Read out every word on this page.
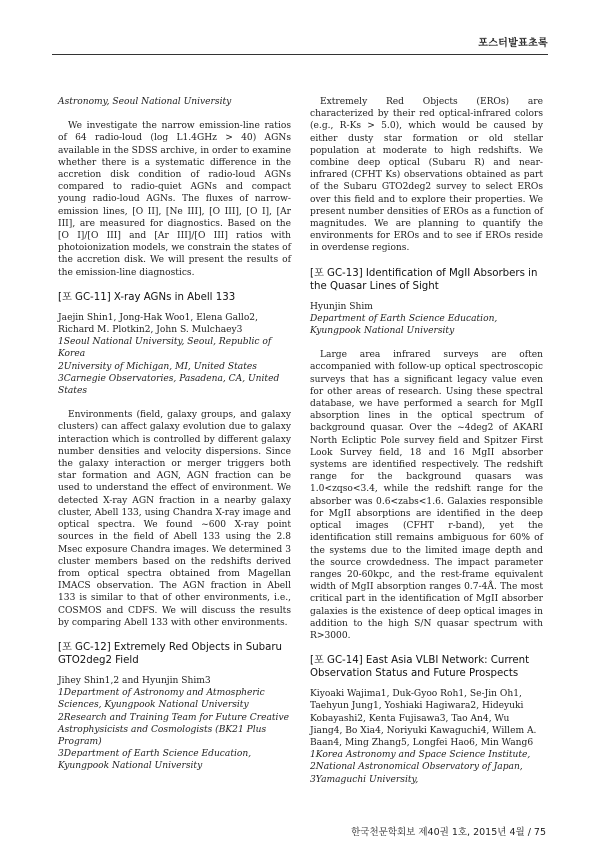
포스터발표초록

Astronomy, Seoul National University

We investigate the narrow emission-line ratios of 64 radio-loud (log L1.4GHz > 40) AGNs available in the SDSS archive, in order to examine whether there is a systematic difference in the accretion disk condition of radio-loud AGNs compared to radio-quiet AGNs and compact young radio-loud AGNs. The fluxes of narrow-emission lines, [O II], [Ne III], [O III], [O I], [Ar III], are measured for diagnostics. Based on the [O I]/[O III] and [Ar III]/[O III] ratios with photoionization models, we constrain the states of the accretion disk. We will present the results of the emission-line diagnostics.

[포 GC-11] X-ray AGNs in Abell 133

Jaejin Shin1, Jong-Hak Woo1, Elena Gallo2, Richard M. Plotkin2, John S. Mulchaey3

1Seoul National University, Seoul, Republic of Korea

2University of Michigan, MI, United States

3Carnegie Observatories, Pasadena, CA, United States

Environments (field, galaxy groups, and galaxy clusters) can affect galaxy evolution due to galaxy interaction which is controlled by different galaxy number densities and velocity dispersions. Since the galaxy interaction or merger triggers both star formation and AGN, AGN fraction can be used to understand the effect of environment. We detected X-ray AGN fraction in a nearby galaxy cluster, Abell 133, using Chandra X-ray image and optical spectra. We found ~600 X-ray point sources in the field of Abell 133 using the 2.8 Msec exposure Chandra images. We determined 3 cluster members based on the redshifts derived from optical spectra obtained from Magellan IMACS observation. The AGN fraction in Abell 133 is similar to that of other environments, i.e., COSMOS and CDFS. We will discuss the results by comparing Abell 133 with other environments.

[포 GC-12] Extremely Red Objects in Subaru GTO2deg2 Field

Jihey Shin1,2 and Hyunjin Shim3

1Department of Astronomy and Atmospheric Sciences, Kyungpook National University

2Research and Training Team for Future Creative Astrophysicists and Cosmologists (BK21 Plus Program)

3Department of Earth Science Education, Kyungpook National University

Extremely Red Objects (EROs) are characterized by their red optical-infrared colors (e.g., R-Ks > 5.0), which would be caused by either dusty star formation or old stellar population at moderate to high redshifts. We combine deep optical (Subaru R) and near-infrared (CFHT Ks) observations obtained as part of the Subaru GTO2deg2 survey to select EROs over this field and to explore their properties. We present number densities of EROs as a function of magnitudes. We are planning to quantify the environments for EROs and to see if EROs reside in overdense regions.

[포 GC-13] Identification of MgII Absorbers in the Quasar Lines of Sight

Hyunjin Shim

Department of Earth Science Education,

Kyungpook National University

Large area infrared surveys are often accompanied with follow-up optical spectroscopic surveys that has a significant legacy value even for other areas of research. Using these spectral database, we have performed a search for MgII absorption lines in the optical spectrum of background quasar. Over the ~4deg2 of AKARI North Ecliptic Pole survey field and Spitzer First Look Survey field, 18 and 16 MgII absorber systems are identified respectively. The redshift range for the background quasars was 1.0<zqso<3.4, while the redshift range for the absorber was 0.6<zabs<1.6. Galaxies responsible for MgII absorptions are identified in the deep optical images (CFHT r-band), yet the identification still remains ambiguous for 60% of the systems due to the limited image depth and the source crowdedness. The impact parameter ranges 20-60kpc, and the rest-frame equivalent width of MgII absorption ranges 0.7-4Å. The most critical part in the identification of MgII absorber galaxies is the existence of deep optical images in addition to the high S/N quasar spectrum with R>3000.

[포 GC-14] East Asia VLBI Network: Current Observation Status and Future Prospects

Kiyoaki Wajima1, Duk-Gyoo Roh1, Se-Jin Oh1, Taehyun Jung1, Yoshiaki Hagiwara2, Hideyuki Kobayashi2, Kenta Fujisawa3, Tao An4, Wu Jiang4, Bo Xia4, Noriyuki Kawaguchi4, Willem A. Baan4, Ming Zhang5, Longfei Hao6, Min Wang6

1Korea Astronomy and Space Science Institute,

2National Astronomical Observatory of Japan,

3Yamaguchi University,

한국천문학회보 제40권 1호, 2015년 4월 / 75
